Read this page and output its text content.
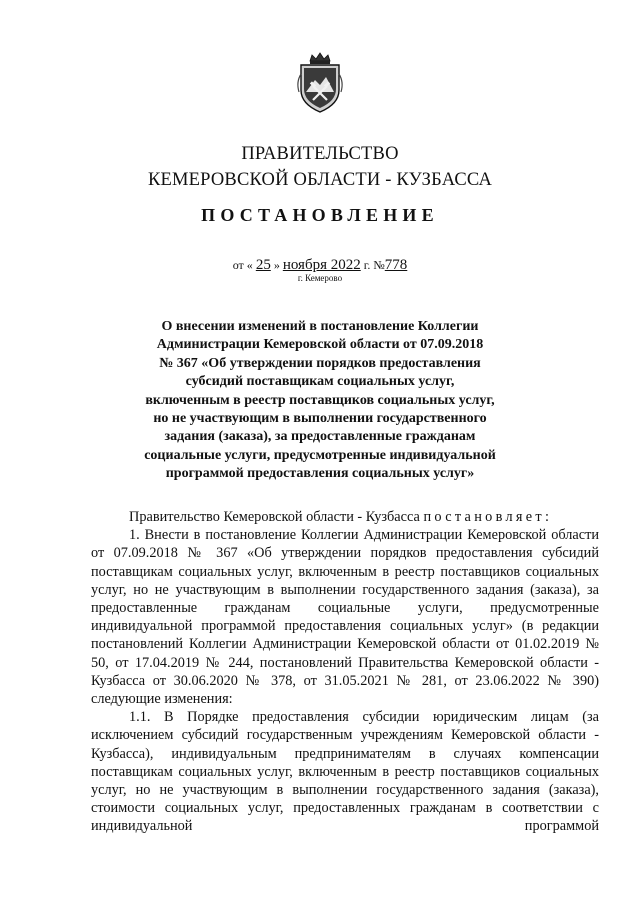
ПРАВИТЕЛЬСТВО
КЕМЕРОВСКОЙ ОБЛАСТИ - КУЗБАССА
ПОСТАНОВЛЕНИЕ
от « 25 » ноября 2022 г. №778
г. Кемерово
О внесении изменений в постановление Коллегии
Администрации Кемеровской области от 07.09.2018
№ 367 «Об утверждении порядков предоставления
субсидий поставщикам социальных услуг,
включенным в реестр поставщиков социальных услуг,
но не участвующим в выполнении государственного
задания (заказа), за предоставленные гражданам
социальные услуги, предусмотренные индивидуальной
программой предоставления социальных услуг»

Правительство Кемеровской области - Кузбасса постановляет:

1. Внести в постановление Коллегии Администрации Кемеровской области от 07.09.2018 № 367 «Об утверждении порядков предоставления субсидий поставщикам социальных услуг, включенным в реестр поставщиков социальных услуг, но не участвующим в выполнении государственного задания (заказа), за предоставленные гражданам социальные услуги, предусмотренные индивидуальной программой предоставления социальных услуг» (в редакции постановлений Коллегии Администрации Кемеровской области от 01.02.2019 № 50, от 17.04.2019 № 244, постановлений Правительства Кемеровской области - Кузбасса от 30.06.2020 № 378, от 31.05.2021 № 281, от 23.06.2022 № 390) следующие изменения:

1.1. В Порядке предоставления субсидии юридическим лицам (за исключением субсидий государственным учреждениям Кемеровской области - Кузбасса), индивидуальным предпринимателям в случаях компенсации поставщикам социальных услуг, включенным в реестр поставщиков социальных услуг, но не участвующим в выполнении государственного задания (заказа), стоимости социальных услуг, предоставленных гражданам в соответствии с индивидуальной программой
